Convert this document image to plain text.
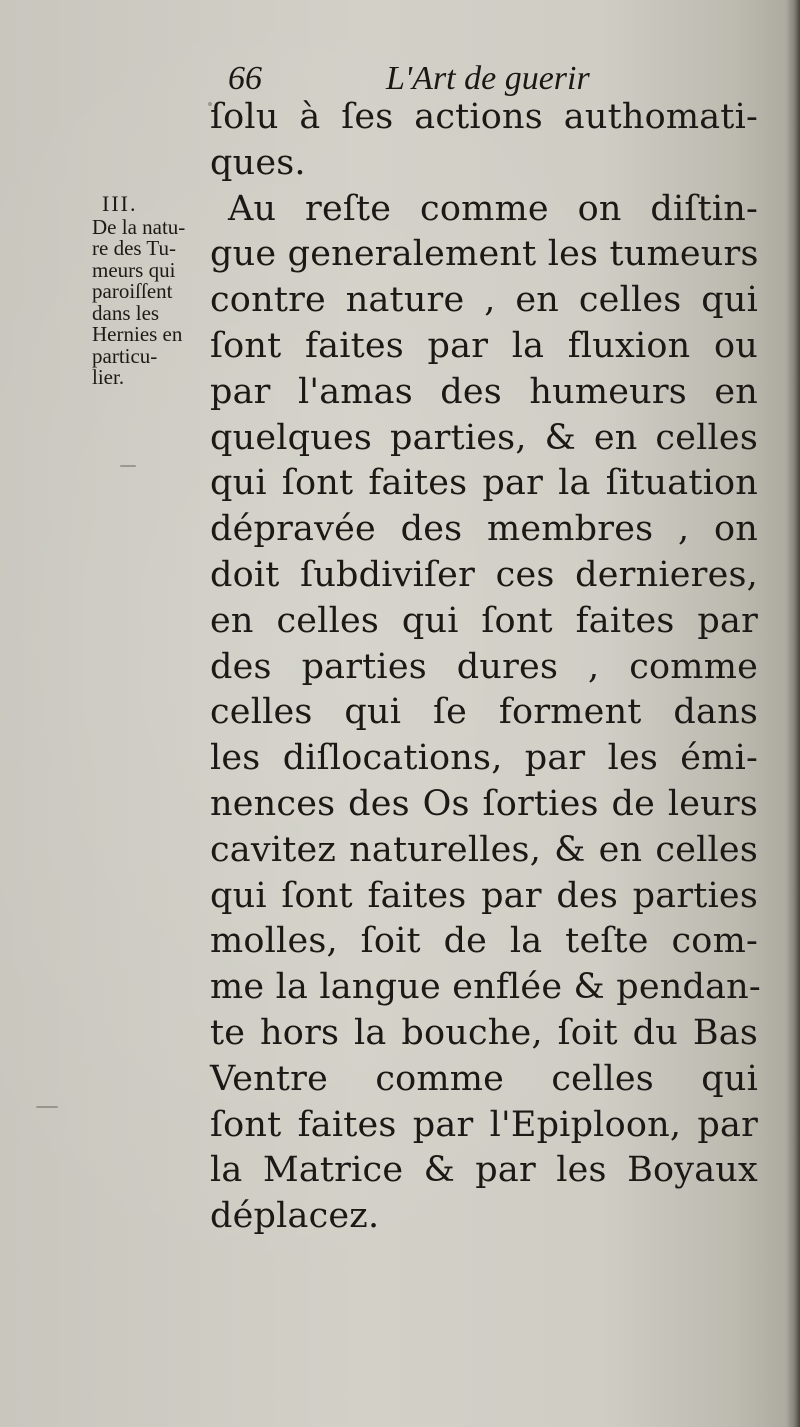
66	L'Art de guerir
III.
De la natu-
re des Tu-
meurs qui
paroiſſent
dans les
Hernies en
particu-
lier.
ſolu à ſes actions authomati-
ques.
Au reſte comme on diſtin-
gue generalement les tumeurs
contre nature , en celles qui
ſont faites par la fluxion ou
par l'amas des humeurs en
quelques parties, & en celles
qui ſont faites par la ſituation
dépravée des membres , on
doit ſubdiviſer ces dernieres,
en celles qui ſont faites par
des parties dures , comme
celles qui ſe forment dans
les diſlocations, par les émi-
nences des Os ſorties de leurs
cavitez naturelles, & en celles
qui ſont faites par des parties
molles, ſoit de la teſte com-
me la langue enflée & pendan-
te hors la bouche, ſoit du Bas
Ventre comme celles qui
ſont faites par l'Epiploon, par
la Matrice & par les Boyaux
déplacez.
